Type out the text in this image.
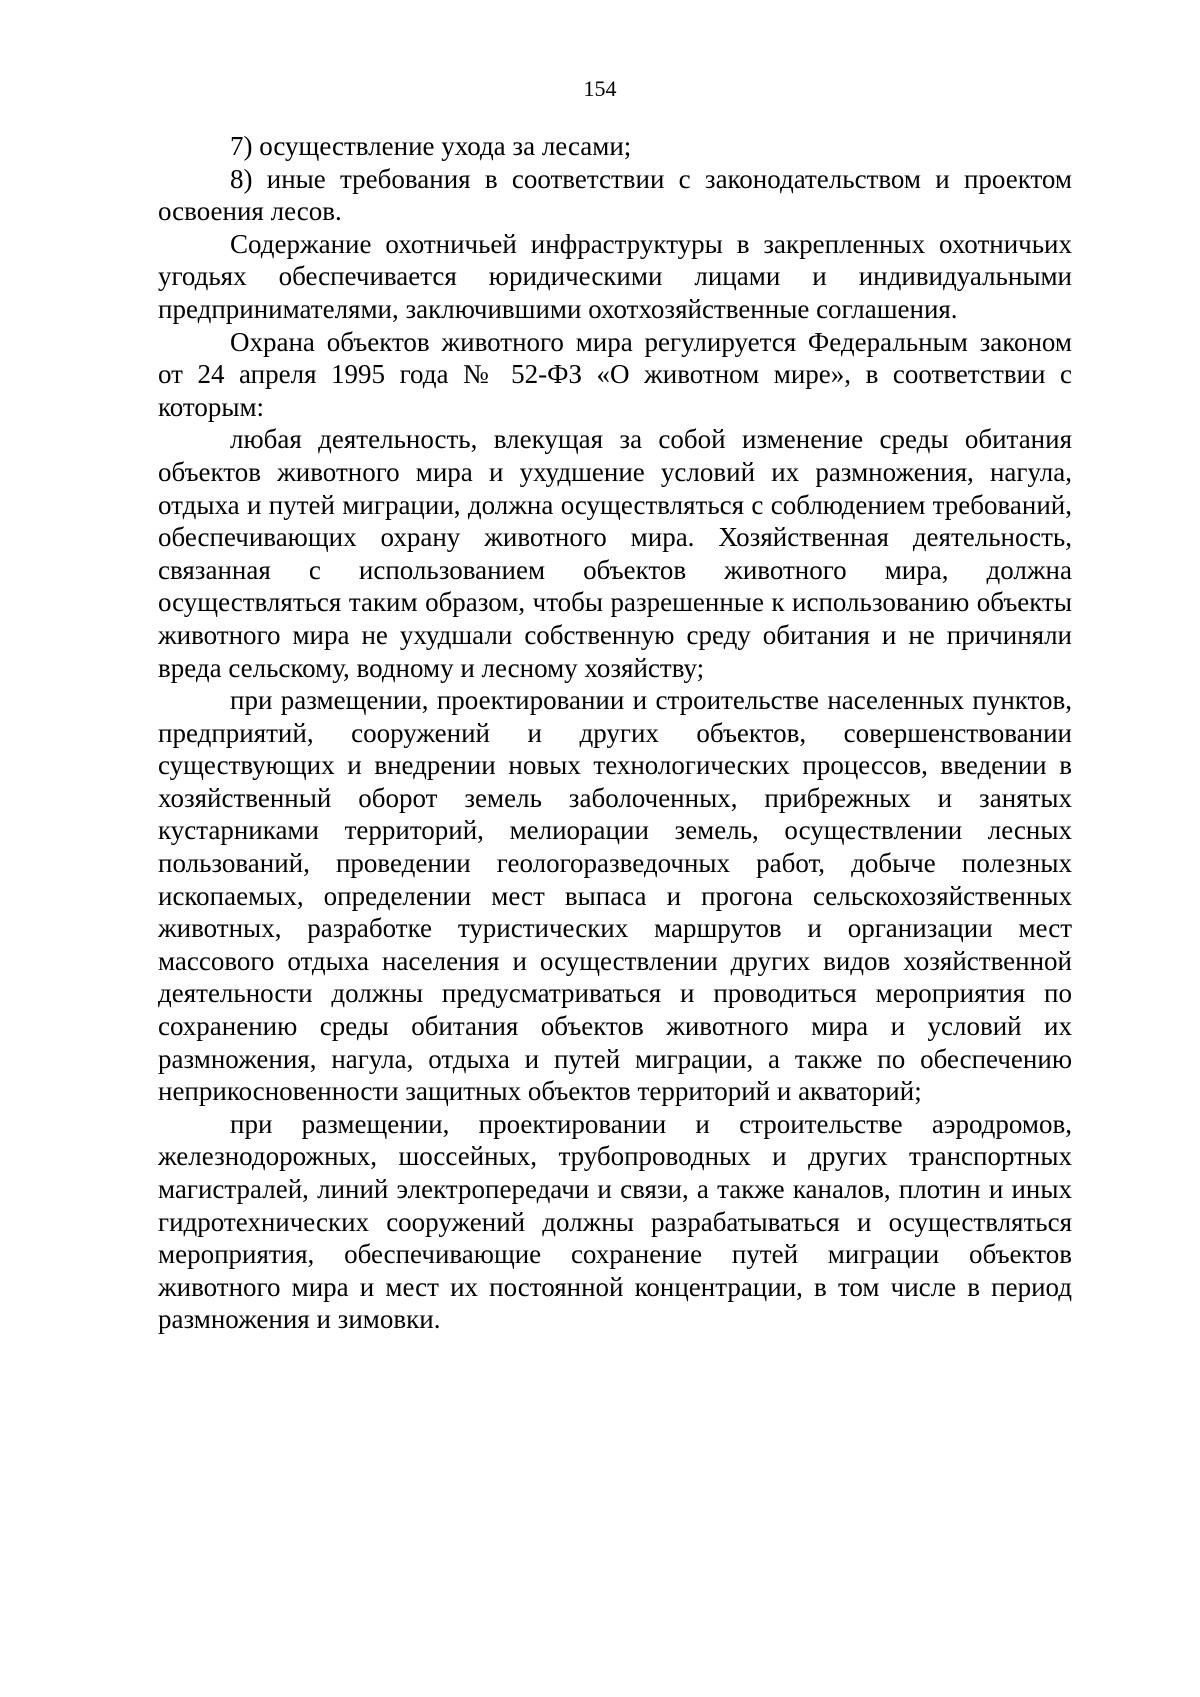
154

7) осуществление ухода за лесами;

8) иные требования в соответствии с законодательством и проектом освоения лесов.

Содержание охотничьей инфраструктуры в закрепленных охотничьих угодьях обеспечивается юридическими лицами и индивидуальными предпринимателями, заключившими охотхозяйственные соглашения.

Охрана объектов животного мира регулируется Федеральным законом от 24 апреля 1995 года № 52-ФЗ «О животном мире», в соответствии с которым:

любая деятельность, влекущая за собой изменение среды обитания объектов животного мира и ухудшение условий их размножения, нагула, отдыха и путей миграции, должна осуществляться с соблюдением требований, обеспечивающих охрану животного мира. Хозяйственная деятельность, связанная с использованием объектов животного мира, должна осуществляться таким образом, чтобы разрешенные к использованию объекты животного мира не ухудшали собственную среду обитания и не причиняли вреда сельскому, водному и лесному хозяйству;

при размещении, проектировании и строительстве населенных пунктов, предприятий, сооружений и других объектов, совершенствовании существующих и внедрении новых технологических процессов, введении в хозяйственный оборот земель заболоченных, прибрежных и занятых кустарниками территорий, мелиорации земель, осуществлении лесных пользований, проведении геологоразведочных работ, добыче полезных ископаемых, определении мест выпаса и прогона сельскохозяйственных животных, разработке туристических маршрутов и организации мест массового отдыха населения и осуществлении других видов хозяйственной деятельности должны предусматриваться и проводиться мероприятия по сохранению среды обитания объектов животного мира и условий их размножения, нагула, отдыха и путей миграции, а также по обеспечению неприкосновенности защитных объектов территорий и акваторий;

при размещении, проектировании и строительстве аэродромов, железнодорожных, шоссейных, трубопроводных и других транспортных магистралей, линий электропередачи и связи, а также каналов, плотин и иных гидротехнических сооружений должны разрабатываться и осуществляться мероприятия, обеспечивающие сохранение путей миграции объектов животного мира и мест их постоянной концентрации, в том числе в период размножения и зимовки.
